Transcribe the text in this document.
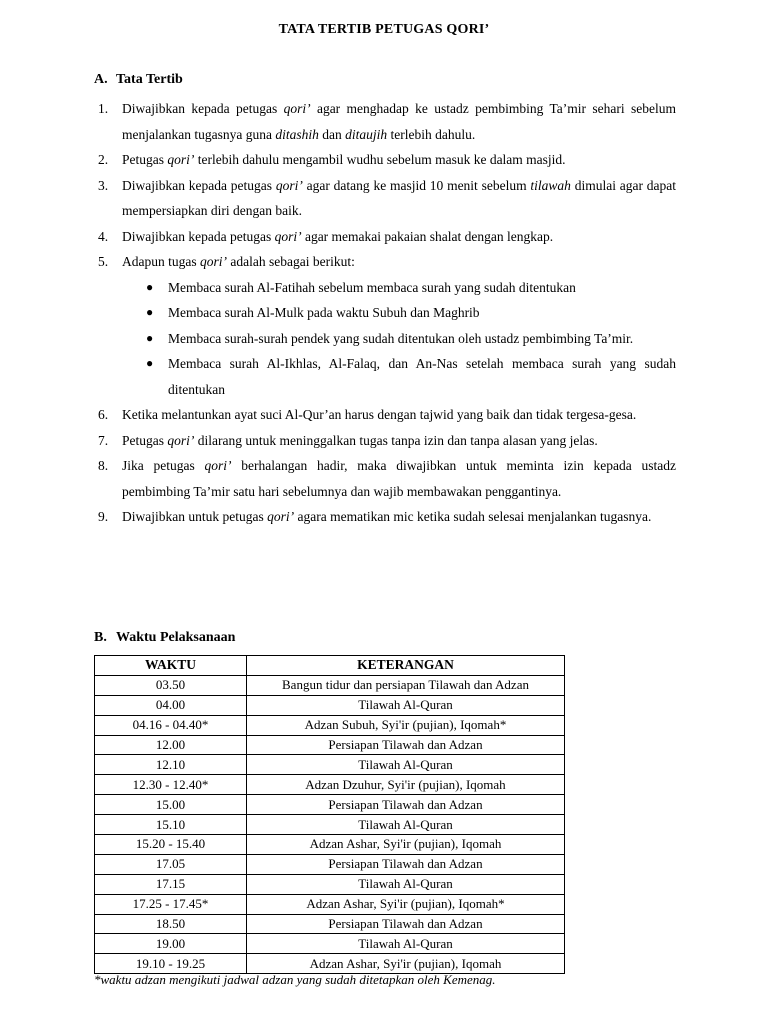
TATA TERTIB PETUGAS QORI’
A. Tata Tertib
1. Diwajibkan kepada petugas qori’ agar menghadap ke ustadz pembimbing Ta’mir sehari sebelum menjalankan tugasnya guna ditashih dan ditaujih terlebih dahulu.
2. Petugas qori’ terlebih dahulu mengambil wudhu sebelum masuk ke dalam masjid.
3. Diwajibkan kepada petugas qori’ agar datang ke masjid 10 menit sebelum tilawah dimulai agar dapat mempersiapkan diri dengan baik.
4. Diwajibkan kepada petugas qori’ agar memakai pakaian shalat dengan lengkap.
5. Adapun tugas qori’ adalah sebagai berikut:
● Membaca surah Al-Fatihah sebelum membaca surah yang sudah ditentukan
● Membaca surah Al-Mulk pada waktu Subuh dan Maghrib
● Membaca surah-surah pendek yang sudah ditentukan oleh ustadz pembimbing Ta’mir.
● Membaca surah Al-Ikhlas, Al-Falaq, dan An-Nas setelah membaca surah yang sudah ditentukan
6. Ketika melantunkan ayat suci Al-Qur’an harus dengan tajwid yang baik dan tidak tergesa-gesa.
7. Petugas qori’ dilarang untuk meninggalkan tugas tanpa izin dan tanpa alasan yang jelas.
8. Jika petugas qori’ berhalangan hadir, maka diwajibkan untuk meminta izin kepada ustadz pembimbing Ta’mir satu hari sebelumnya dan wajib membawakan penggantinya.
9. Diwajibkan untuk petugas qori’ agara mematikan mic ketika sudah selesai menjalankan tugasnya.
B. Waktu Pelaksanaan
WAKTU	KETERANGAN
03.50	Bangun tidur dan persiapan Tilawah dan Adzan
04.00	Tilawah Al-Quran
04.16 - 04.40*	Adzan Subuh, Syi'ir (pujian), Iqomah*
12.00	Persiapan Tilawah dan Adzan
12.10	Tilawah Al-Quran
12.30 - 12.40*	Adzan Dzuhur, Syi'ir (pujian), Iqomah
15.00	Persiapan Tilawah dan Adzan
15.10	Tilawah Al-Quran
15.20 - 15.40	Adzan Ashar, Syi'ir (pujian), Iqomah
17.05	Persiapan Tilawah dan Adzan
17.15	Tilawah Al-Quran
17.25 - 17.45*	Adzan Ashar, Syi'ir (pujian), Iqomah*
18.50	Persiapan Tilawah dan Adzan
19.00	Tilawah Al-Quran
19.10 - 19.25	Adzan Ashar, Syi'ir (pujian), Iqomah
*waktu adzan mengikuti jadwal adzan yang sudah ditetapkan oleh Kemenag.
